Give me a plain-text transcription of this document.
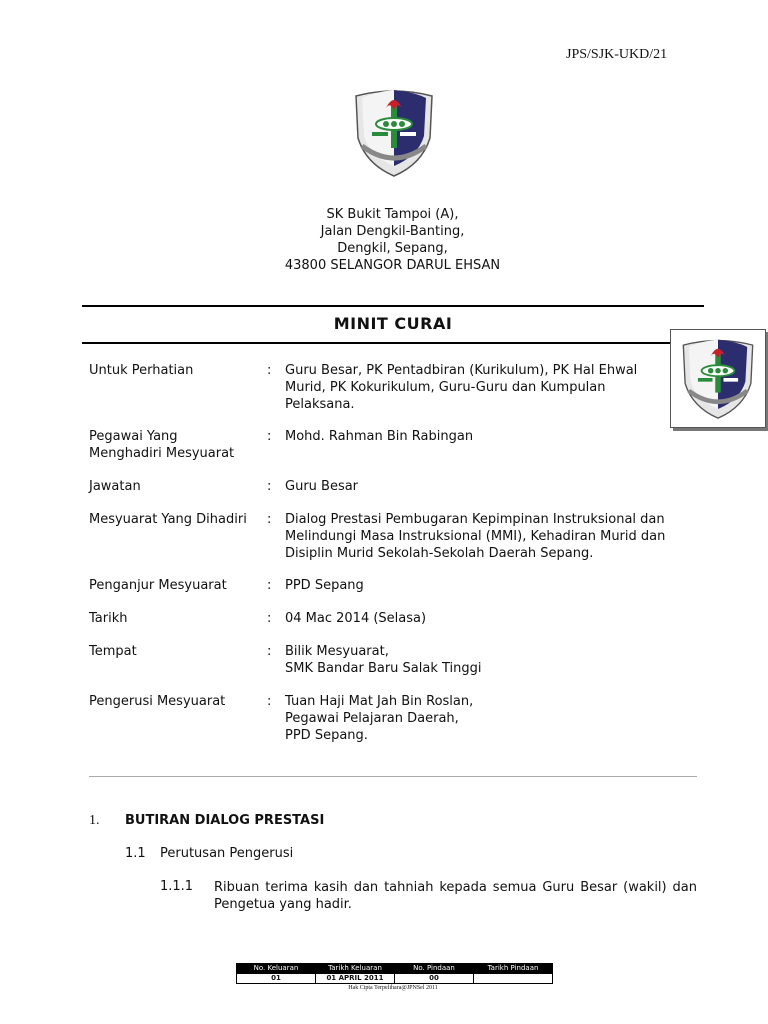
JPS/SJK-UKD/21
SK Bukit Tampoi (A),
Jalan Dengkil-Banting,
Dengkil, Sepang,
43800 SELANGOR DARUL EHSAN
MINIT CURAI
Untuk Perhatian	: Guru Besar, PK Pentadbiran (Kurikulum), PK Hal Ehwal
Murid, PK Kokurikulum, Guru-Guru dan Kumpulan
Pelaksana.
Pegawai Yang
Menghadiri Mesyuarat
: Mohd. Rahman Bin Rabingan
Jawatan	: Guru Besar
Mesyuarat Yang Dihadiri	: Dialog Prestasi Pembugaran Kepimpinan Instruksional dan
Melindungi Masa Instruksional (MMI), Kehadiran Murid dan
Disiplin Murid Sekolah-Sekolah Daerah Sepang.
Penganjur Mesyuarat	: PPD Sepang
Tarikh	: 04 Mac 2014 (Selasa)
Tempat	: Bilik Mesyuarat,
SMK Bandar Baru Salak Tinggi
Pengerusi Mesyuarat	: Tuan Haji Mat Jah Bin Roslan,
Pegawai Pelajaran Daerah,
PPD Sepang.
1. BUTIRAN DIALOG PRESTASI
1.1 Perutusan Pengerusi
1.1.1 Ribuan terima kasih dan tahniah kepada semua Guru Besar (wakil) dan Pengetua yang hadir.
No. Keluaran	Tarikh Keluaran	No. Pindaan	Tarikh Pindaan
01	01 APRIL 2011	00	
Hak Cipta Terpelihara@JPNSel 2011
